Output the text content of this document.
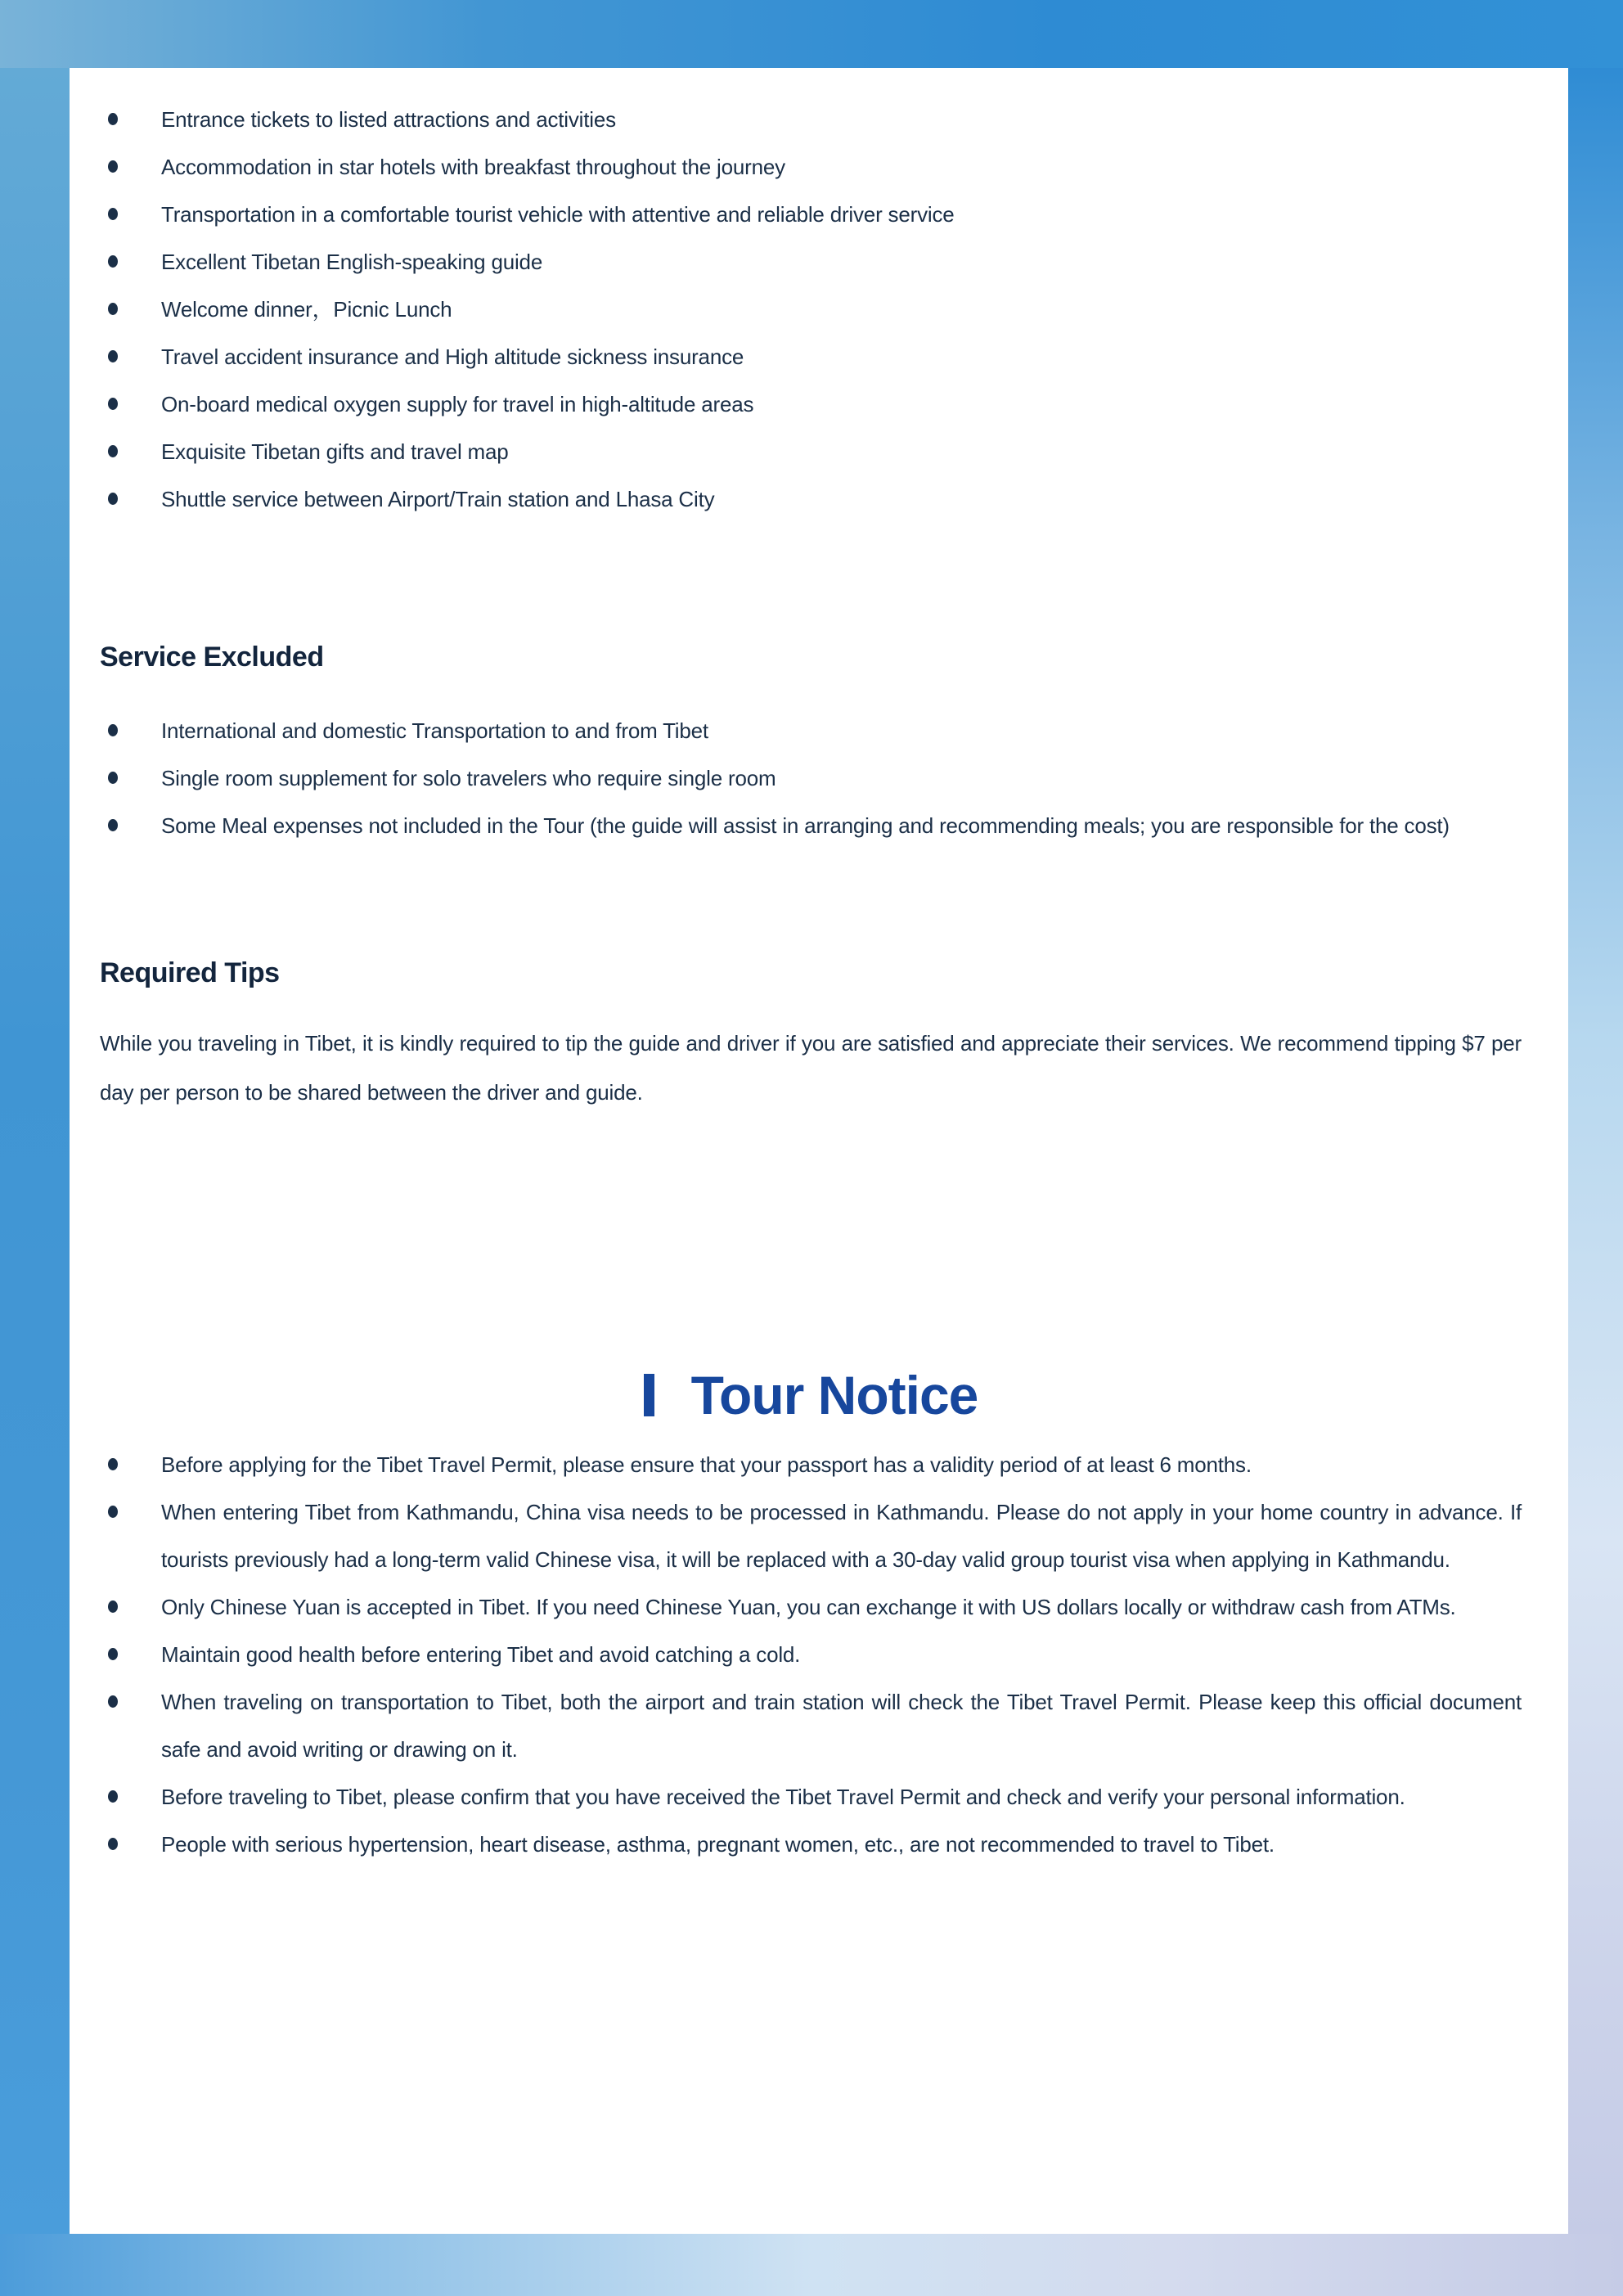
Entrance tickets to listed attractions and activities
Accommodation in star hotels with breakfast throughout the journey
Transportation in a comfortable tourist vehicle with attentive and reliable driver service
Excellent Tibetan English-speaking guide
Welcome dinner，Picnic Lunch
Travel accident insurance and High altitude sickness insurance
On-board medical oxygen supply for travel in high-altitude areas
Exquisite Tibetan gifts and travel map
Shuttle service between Airport/Train station and Lhasa City
Service Excluded
International and domestic Transportation to and from Tibet
Single room supplement for solo travelers who require single room
Some Meal expenses not included in the Tour (the guide will assist in arranging and recommending meals; you are responsible for the cost)
Required Tips

While you traveling in Tibet, it is kindly required to tip the guide and driver if you are satisfied and appreciate their services. We recommend tipping $7 per day per person to be shared between the driver and guide.

Tour Notice
Before applying for the Tibet Travel Permit, please ensure that your passport has a validity period of at least 6 months.
When entering Tibet from Kathmandu, China visa needs to be processed in Kathmandu. Please do not apply in your home country in advance. If tourists previously had a long-term valid Chinese visa, it will be replaced with a 30-day valid group tourist visa when applying in Kathmandu.
Only Chinese Yuan is accepted in Tibet. If you need Chinese Yuan, you can exchange it with US dollars locally or withdraw cash from ATMs.
Maintain good health before entering Tibet and avoid catching a cold.
When traveling on transportation to Tibet, both the airport and train station will check the Tibet Travel Permit. Please keep this official document safe and avoid writing or drawing on it.
Before traveling to Tibet, please confirm that you have received the Tibet Travel Permit and check and verify your personal information.
People with serious hypertension, heart disease, asthma, pregnant women, etc., are not recommended to travel to Tibet.
